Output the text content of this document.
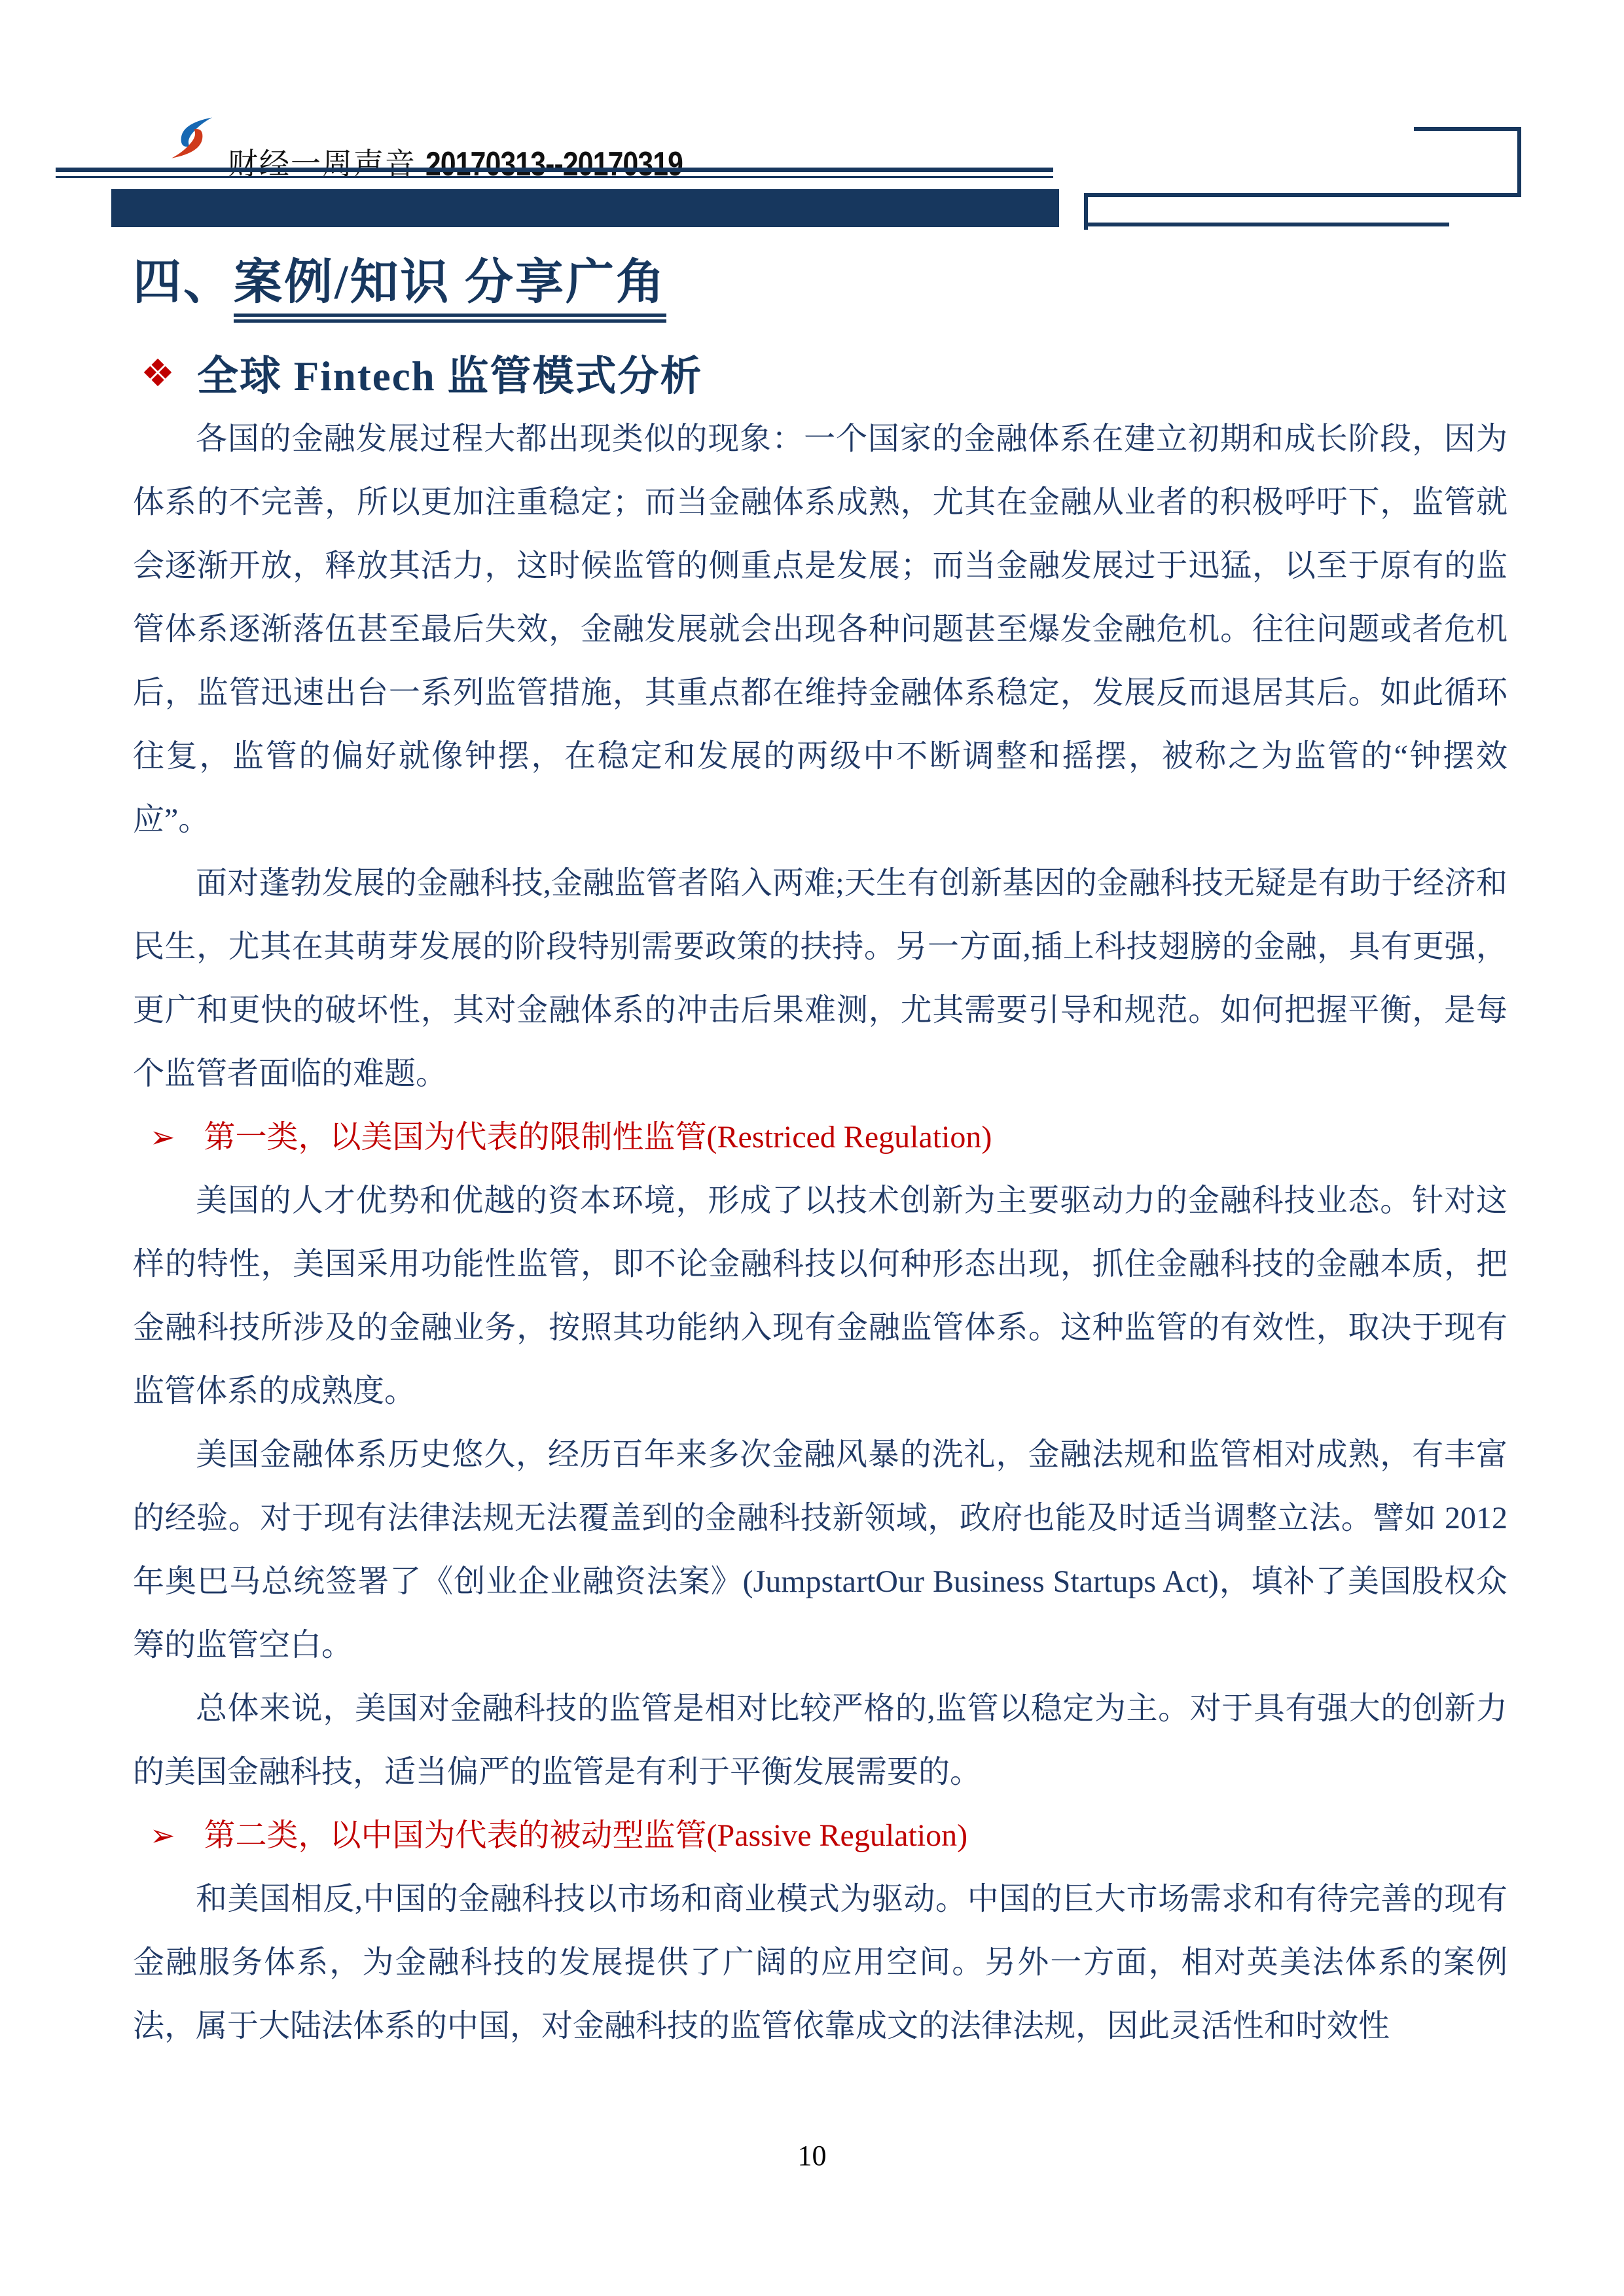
财经一周声音 20170313--20170319
四、案例/知识 分享广角
❖ 全球 Fintech 监管模式分析

各国的金融发展过程大都出现类似的现象：一个国家的金融体系在建立初期和成长阶段，因为体系的不完善，所以更加注重稳定；而当金融体系成熟，尤其在金融从业者的积极呼吁下，监管就会逐渐开放，释放其活力，这时候监管的侧重点是发展；而当金融发展过于迅猛，以至于原有的监管体系逐渐落伍甚至最后失效，金融发展就会出现各种问题甚至爆发金融危机。往往问题或者危机后，监管迅速出台一系列监管措施，其重点都在维持金融体系稳定，发展反而退居其后。如此循环往复，监管的偏好就像钟摆，在稳定和发展的两级中不断调整和摇摆，被称之为监管的“钟摆效应”。

面对蓬勃发展的金融科技,金融监管者陷入两难;天生有创新基因的金融科技无疑是有助于经济和民生，尤其在其萌芽发展的阶段特别需要政策的扶持。另一方面,插上科技翅膀的金融，具有更强，更广和更快的破坏性，其对金融体系的冲击后果难测，尤其需要引导和规范。如何把握平衡，是每个监管者面临的难题。

➢ 第一类，以美国为代表的限制性监管(Restriced Regulation)

美国的人才优势和优越的资本环境，形成了以技术创新为主要驱动力的金融科技业态。针对这样的特性，美国采用功能性监管，即不论金融科技以何种形态出现，抓住金融科技的金融本质，把金融科技所涉及的金融业务，按照其功能纳入现有金融监管体系。这种监管的有效性，取决于现有监管体系的成熟度。

美国金融体系历史悠久，经历百年来多次金融风暴的洗礼，金融法规和监管相对成熟，有丰富的经验。对于现有法律法规无法覆盖到的金融科技新领域，政府也能及时适当调整立法。譬如 2012 年奥巴马总统签署了《创业企业融资法案》(JumpstartOur Business Startups Act)，填补了美国股权众筹的监管空白。

总体来说，美国对金融科技的监管是相对比较严格的,监管以稳定为主。对于具有强大的创新力的美国金融科技，适当偏严的监管是有利于平衡发展需要的。

➢ 第二类，以中国为代表的被动型监管(Passive Regulation)

和美国相反,中国的金融科技以市场和商业模式为驱动。中国的巨大市场需求和有待完善的现有金融服务体系，为金融科技的发展提供了广阔的应用空间。另外一方面，相对英美法体系的案例法，属于大陆法体系的中国，对金融科技的监管依靠成文的法律法规，因此灵活性和时效性

10
